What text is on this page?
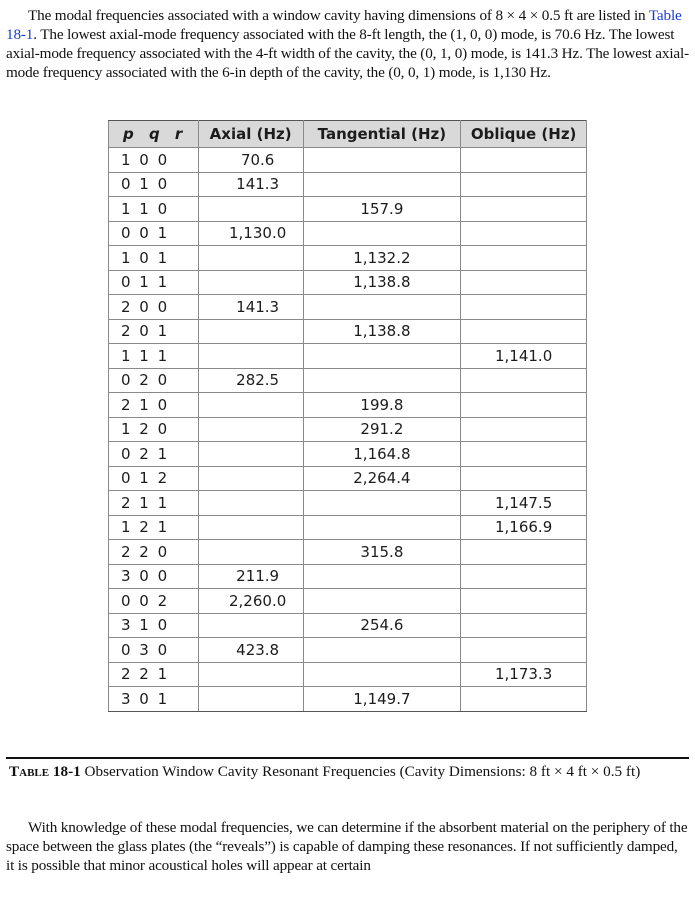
The modal frequencies associated with a window cavity having dimensions of 8 × 4 × 0.5 ft are listed in Table 18-1. The lowest axial-mode frequency associated with the 8-ft length, the (1, 0, 0) mode, is 70.6 Hz. The lowest axial-mode frequency associated with the 4-ft width of the cavity, the (0, 1, 0) mode, is 141.3 Hz. The lowest axial-mode frequency associated with the 6-in depth of the cavity, the (0, 0, 1) mode, is 1,130 Hz.

p q r	Axial (Hz)	Tangential (Hz)	Oblique (Hz)
1 0 0	70.6		
0 1 0	141.3		
1 1 0		157.9	
0 0 1	1,130.0		
1 0 1		1,132.2	
0 1 1		1,138.8	
2 0 0	141.3		
2 0 1		1,138.8	
1 1 1			1,141.0
0 2 0	282.5		
2 1 0		199.8	
1 2 0		291.2	
0 2 1		1,164.8	
0 1 2		2,264.4	
2 1 1			1,147.5
1 2 1			1,166.9
2 2 0		315.8	
3 0 0	211.9		
0 0 2	2,260.0		
3 1 0		254.6	
0 3 0	423.8		
2 2 1			1,173.3
3 0 1		1,149.7	

Table 18-1 Observation Window Cavity Resonant Frequencies (Cavity Dimensions: 8 ft × 4 ft × 0.5 ft)

With knowledge of these modal frequencies, we can determine if the absorbent material on the periphery of the space between the glass plates (the “reveals”) is capable of damping these resonances. If not sufficiently damped, it is possible that minor acoustical holes will appear at certain
